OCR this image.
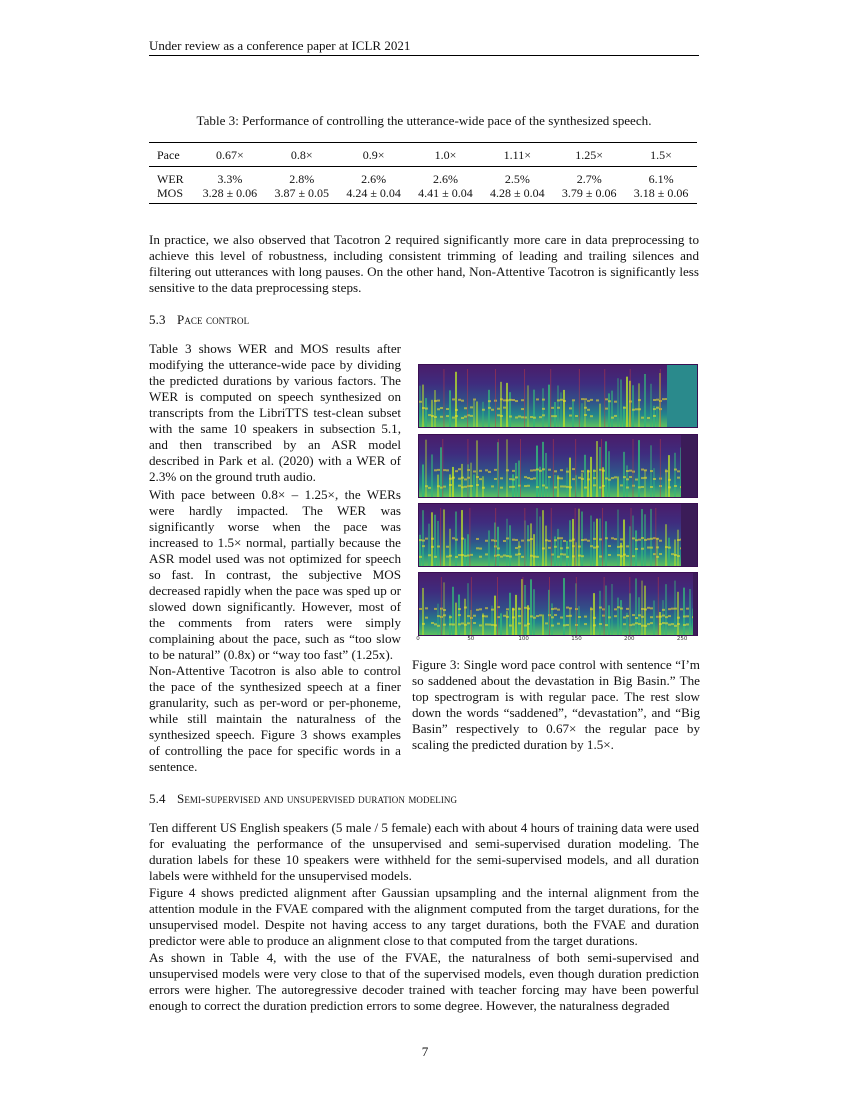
Under review as a conference paper at ICLR 2021
Table 3: Performance of controlling the utterance-wide pace of the synthesized speech.
Pace	0.67×	0.8×	0.9×	1.0×	1.11×	1.25×	1.5×
WER	3.3%	2.8%	2.6%	2.6%	2.5%	2.7%	6.1%
MOS	3.28 ± 0.06	3.87 ± 0.05	4.24 ± 0.04	4.41 ± 0.04	4.28 ± 0.04	3.79 ± 0.06	3.18 ± 0.06
In practice, we also observed that Tacotron 2 required significantly more care in data preprocessing to achieve this level of robustness, including consistent trimming of leading and trailing silences and filtering out utterances with long pauses. On the other hand, Non-Attentive Tacotron is significantly less sensitive to the data preprocessing steps.
5.3 Pace control
Table 3 shows WER and MOS results after modifying the utterance-wide pace by dividing the predicted durations by various factors. The WER is computed on speech synthesized on transcripts from the LibriTTS test-clean subset with the same 10 speakers in subsection 5.1, and then transcribed by an ASR model described in Park et al. (2020) with a WER of 2.3% on the ground truth audio.
With pace between 0.8× – 1.25×, the WERs were hardly impacted. The WER was significantly worse when the pace was increased to 1.5× normal, partially because the ASR model used was not optimized for speech so fast. In contrast, the subjective MOS decreased rapidly when the pace was sped up or slowed down significantly. However, most of the comments from raters were simply complaining about the pace, such as “too slow to be natural” (0.8x) or “way too fast” (1.25x).
Non-Attentive Tacotron is also able to control the pace of the synthesized speech at a finer granularity, such as per-word or per-phoneme, while still maintain the naturalness of the synthesized speech. Figure 3 shows examples of controlling the pace for specific words in a sentence.
0	50	100	150	200	250
Figure 3: Single word pace control with sentence “I’m so saddened about the devastation in Big Basin.” The top spectrogram is with regular pace. The rest slow down the words “saddened”, “devastation”, and “Big Basin” respectively to 0.67× the regular pace by scaling the predicted duration by 1.5×.
5.4 Semi-supervised and unsupervised duration modeling
Ten different US English speakers (5 male / 5 female) each with about 4 hours of training data were used for evaluating the performance of the unsupervised and semi-supervised duration modeling. The duration labels for these 10 speakers were withheld for the semi-supervised models, and all duration labels were withheld for the unsupervised models.
Figure 4 shows predicted alignment after Gaussian upsampling and the internal alignment from the attention module in the FVAE compared with the alignment computed from the target durations, for the unsupervised model. Despite not having access to any target durations, both the FVAE and duration predictor were able to produce an alignment close to that computed from the target durations.
As shown in Table 4, with the use of the FVAE, the naturalness of both semi-supervised and unsupervised models were very close to that of the supervised models, even though duration prediction errors were higher. The autoregressive decoder trained with teacher forcing may have been powerful enough to correct the duration prediction errors to some degree. However, the naturalness degraded
7
